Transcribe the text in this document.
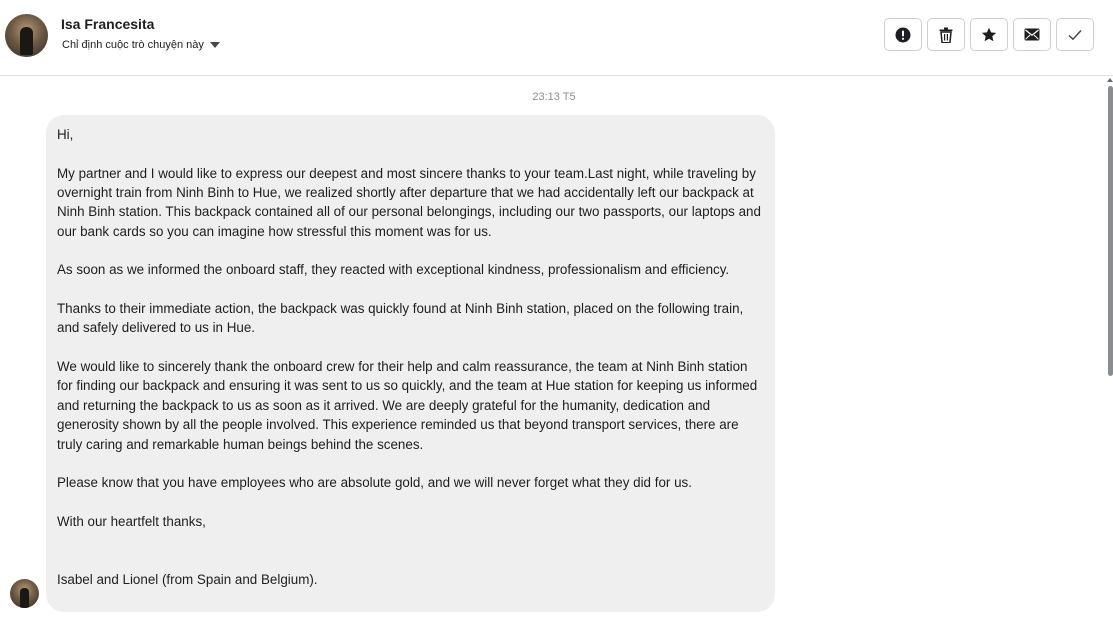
Isa Francesita
Chỉ định cuộc trò chuyện này
23:13 T5

Hi,

My partner and I would like to express our deepest and most sincere thanks to your team.Last night, while traveling by overnight train from Ninh Binh to Hue, we realized shortly after departure that we had accidentally left our backpack at Ninh Binh station. This backpack contained all of our personal belongings, including our two passports, our laptops and our bank cards so you can imagine how stressful this moment was for us.

As soon as we informed the onboard staff, they reacted with exceptional kindness, professionalism and efficiency.

Thanks to their immediate action, the backpack was quickly found at Ninh Binh station, placed on the following train, and safely delivered to us in Hue.

We would like to sincerely thank the onboard crew for their help and calm reassurance, the team at Ninh Binh station for finding our backpack and ensuring it was sent to us so quickly, and the team at Hue station for keeping us informed and returning the backpack to us as soon as it arrived. We are deeply grateful for the humanity, dedication and generosity shown by all the people involved. This experience reminded us that beyond transport services, there are truly caring and remarkable human beings behind the scenes.

Please know that you have employees who are absolute gold, and we will never forget what they did for us.

With our heartfelt thanks,

Isabel and Lionel (from Spain and Belgium).
